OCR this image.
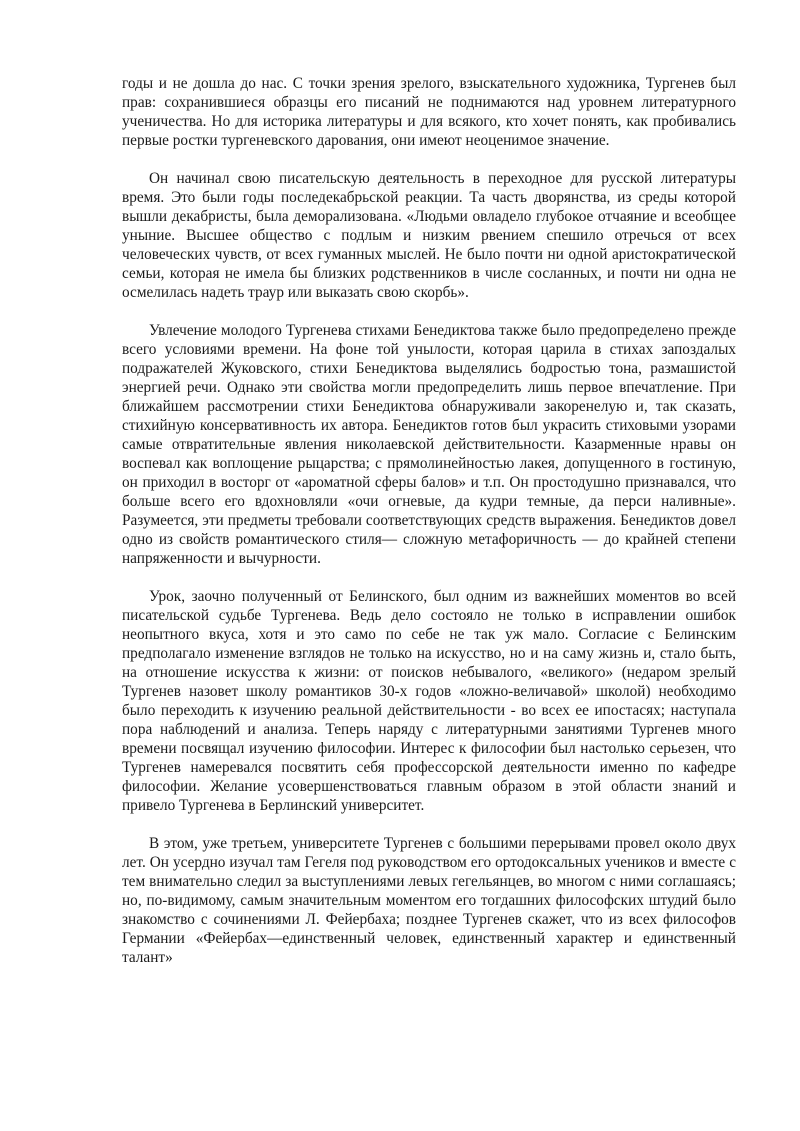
годы и не дошла до нас. С точки зрения зрелого, взыскательного художника, Тургенев был прав: сохранившиеся образцы его писаний не поднимаются над уровнем литературного ученичества. Но для историка литературы и для всякого, кто хочет понять, как пробивались первые ростки тургеневского дарования, они имеют неоценимое значение.

Он начинал свою писательскую деятельность в переходное для русской литературы время. Это были годы последекабрьской реакции. Та часть дворянства, из среды которой вышли декабристы, была деморализована. «Людьми овладело глубокое отчаяние и всеобщее уныние. Высшее общество с подлым и низким рвением спешило отречься от всех человеческих чувств, от всех гуманных мыслей. Не было почти ни одной аристократической семьи, которая не имела бы близких родственников в числе сосланных, и почти ни одна не осмелилась надеть траур или выказать свою скорбь».

Увлечение молодого Тургенева стихами Бенедиктова также было предопределено прежде всего условиями времени. На фоне той унылости, которая царила в стихах запоздалых подражателей Жуковского, стихи Бенедиктова выделялись бодростью тона, размашистой энергией речи. Однако эти свойства могли предопределить лишь первое впечатление. При ближайшем рассмотрении стихи Бенедиктова обнаруживали закоренелую и, так сказать, стихийную консервативность их автора. Бенедиктов готов был украсить стиховыми узорами самые отвратительные явления николаевской действительности. Казарменные нравы он воспевал как воплощение рыцарства; с прямолинейностью лакея, допущенного в гостиную, он приходил в восторг от «ароматной сферы балов» и т.п. Он простодушно признавался, что больше всего его вдохновляли «очи огневые, да кудри темные, да перси наливные». Разумеется, эти предметы требовали соответствующих средств выражения. Бенедиктов довел одно из свойств романтического стиля— сложную метафоричность — до крайней степени напряженности и вычурности.

Урок, заочно полученный от Белинского, был одним из важнейших моментов во всей писательской судьбе Тургенева. Ведь дело состояло не только в исправлении ошибок неопытного вкуса, хотя и это само по себе не так уж мало. Согласие с Белинским предполагало изменение взглядов не только на искусство, но и на саму жизнь и, стало быть, на отношение искусства к жизни: от поисков небывалого, «великого» (недаром зрелый Тургенев назовет школу романтиков 30-х годов «ложно-величавой» школой) необходимо было переходить к изучению реальной действительности - во всех ее ипостасях; наступала пора наблюдений и анализа. Теперь наряду с литературными занятиями Тургенев много времени посвящал изучению философии. Интерес к философии был настолько серьезен, что Тургенев намеревался посвятить себя профессорской деятельности именно по кафедре философии. Желание усовершенствоваться главным образом в этой области знаний и привело Тургенева в Берлинский университет.

В этом, уже третьем, университете Тургенев с большими перерывами провел около двух лет. Он усердно изучал там Гегеля под руководством его ортодоксальных учеников и вместе с тем внимательно следил за выступлениями левых гегельянцев, во многом с ними соглашаясь; но, по-видимому, самым значительным моментом его тогдашних философских штудий было знакомство с сочинениями Л. Фейербаха; позднее Тургенев скажет, что из всех философов Германии «Фейербах—единственный человек, единственный характер и единственный талант»
